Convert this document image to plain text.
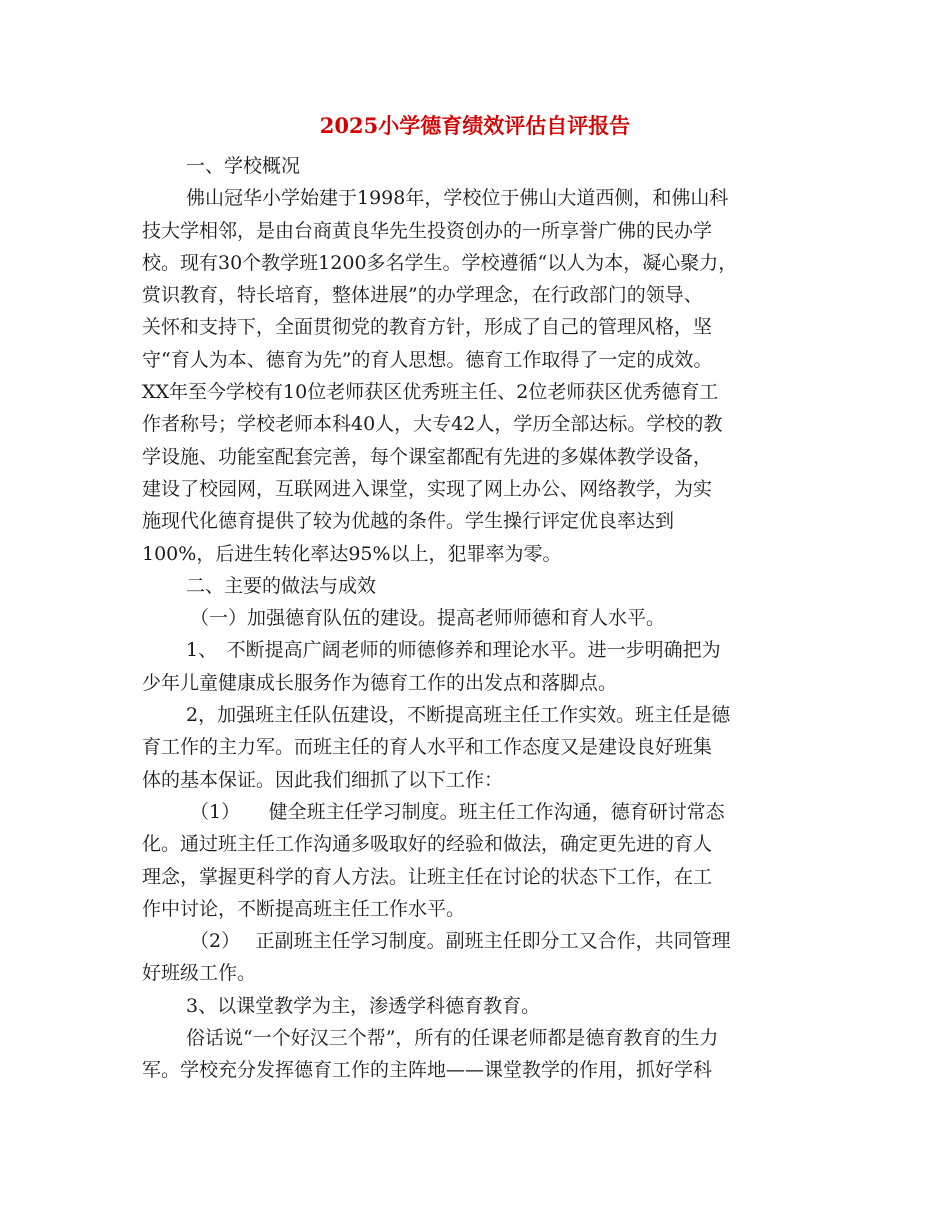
2025小学德育绩效评估自评报告
一、学校概况
佛山冠华小学始建于1998年，学校位于佛山大道西侧，和佛山科
技大学相邻，是由台商黄良华先生投资创办的一所享誉广佛的民办学
校。现有30个教学班1200多名学生。学校遵循“以人为本，凝心聚力，
赏识教育，特长培育，整体进展”的办学理念，在行政部门的领导、
关怀和支持下，全面贯彻党的教育方针，形成了自己的管理风格，坚
守“育人为本、德育为先”的育人思想。德育工作取得了一定的成效。
XX年至今学校有10位老师获区优秀班主任、2位老师获区优秀德育工
作者称号；学校老师本科40人，大专42人，学历全部达标。学校的教
学设施、功能室配套完善，每个课室都配有先进的多媒体教学设备，
建设了校园网，互联网进入课堂，实现了网上办公、网络教学，为实
施现代化德育提供了较为优越的条件。学生操行评定优良率达到
100%，后进生转化率达95%以上，犯罪率为零。
二、主要的做法与成效
（一）加强德育队伍的建设。提高老师师德和育人水平。
1、　不断提高广阔老师的师德修养和理论水平。进一步明确把为
少年儿童健康成长服务作为德育工作的出发点和落脚点。
2，加强班主任队伍建设，不断提高班主任工作实效。班主任是德
育工作的主力军。而班主任的育人水平和工作态度又是建设良好班集
体的基本保证。因此我们细抓了以下工作：
（1）　　健全班主任学习制度。班主任工作沟通，德育研讨常态
化。通过班主任工作沟通多吸取好的经验和做法，确定更先进的育人
理念，掌握更科学的育人方法。让班主任在讨论的状态下工作，在工
作中讨论，不断提高班主任工作水平。
（2）　 正副班主任学习制度。副班主任即分工又合作，共同管理
好班级工作。
3、以课堂教学为主，渗透学科德育教育。
俗话说“一个好汉三个帮”，所有的任课老师都是德育教育的生力
军。学校充分发挥德育工作的主阵地——课堂教学的作用，抓好学科
